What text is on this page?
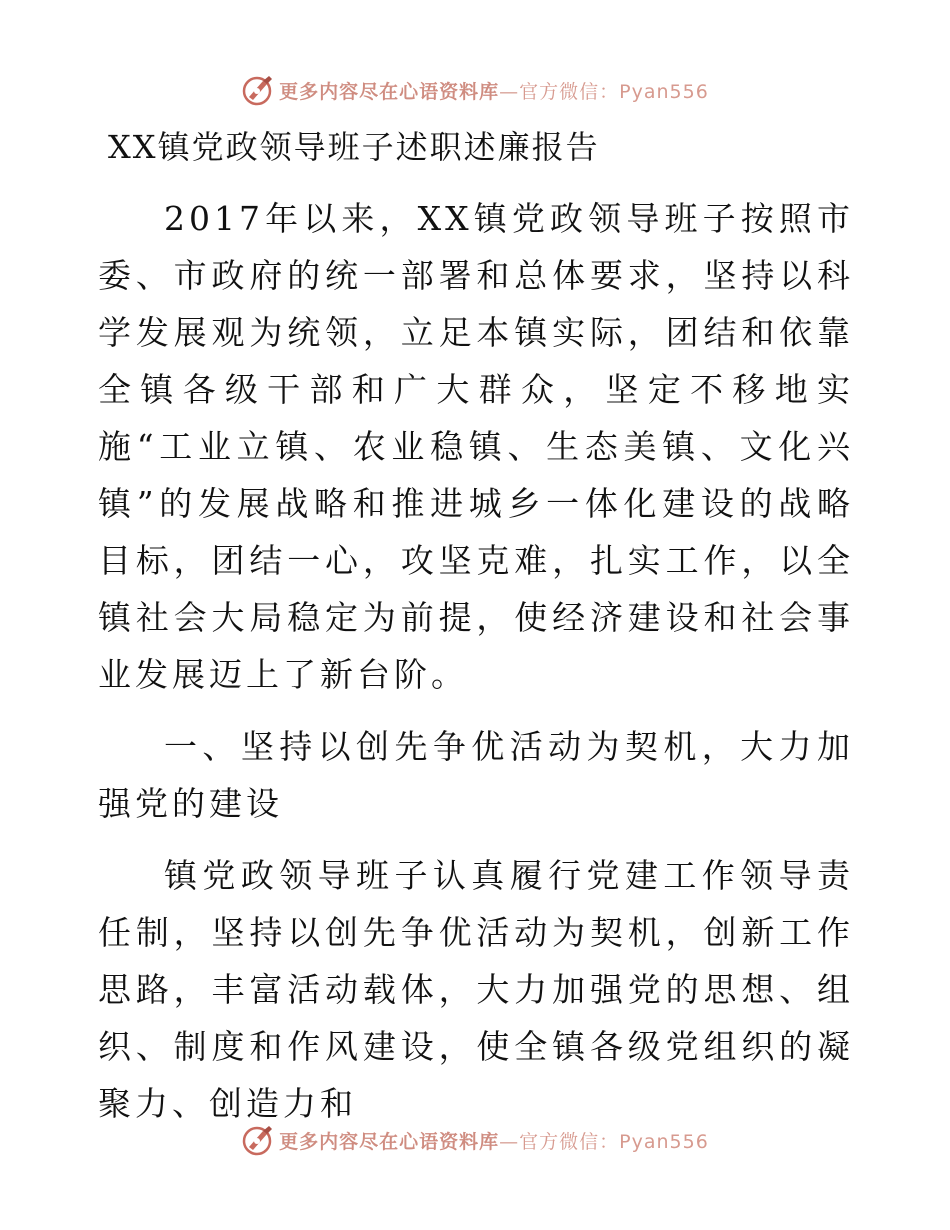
更多内容尽在心语资料库—官方微信：Pyan556
XX镇党政领导班子述职述廉报告

2017年以来，XX镇党政领导班子按照市委、市政府的统一部署和总体要求，坚持以科学发展观为统领，立足本镇实际，团结和依靠全镇各级干部和广大群众，坚定不移地实施“工业立镇、农业稳镇、生态美镇、文化兴镇”的发展战略和推进城乡一体化建设的战略目标，团结一心，攻坚克难，扎实工作，以全镇社会大局稳定为前提，使经济建设和社会事业发展迈上了新台阶。

一、坚持以创先争优活动为契机，大力加强党的建设

镇党政领导班子认真履行党建工作领导责任制，坚持以创先争优活动为契机，创新工作思路，丰富活动载体，大力加强党的思想、组织、制度和作风建设，使全镇各级党组织的凝聚力、创造力和

更多内容尽在心语资料库—官方微信：Pyan556
